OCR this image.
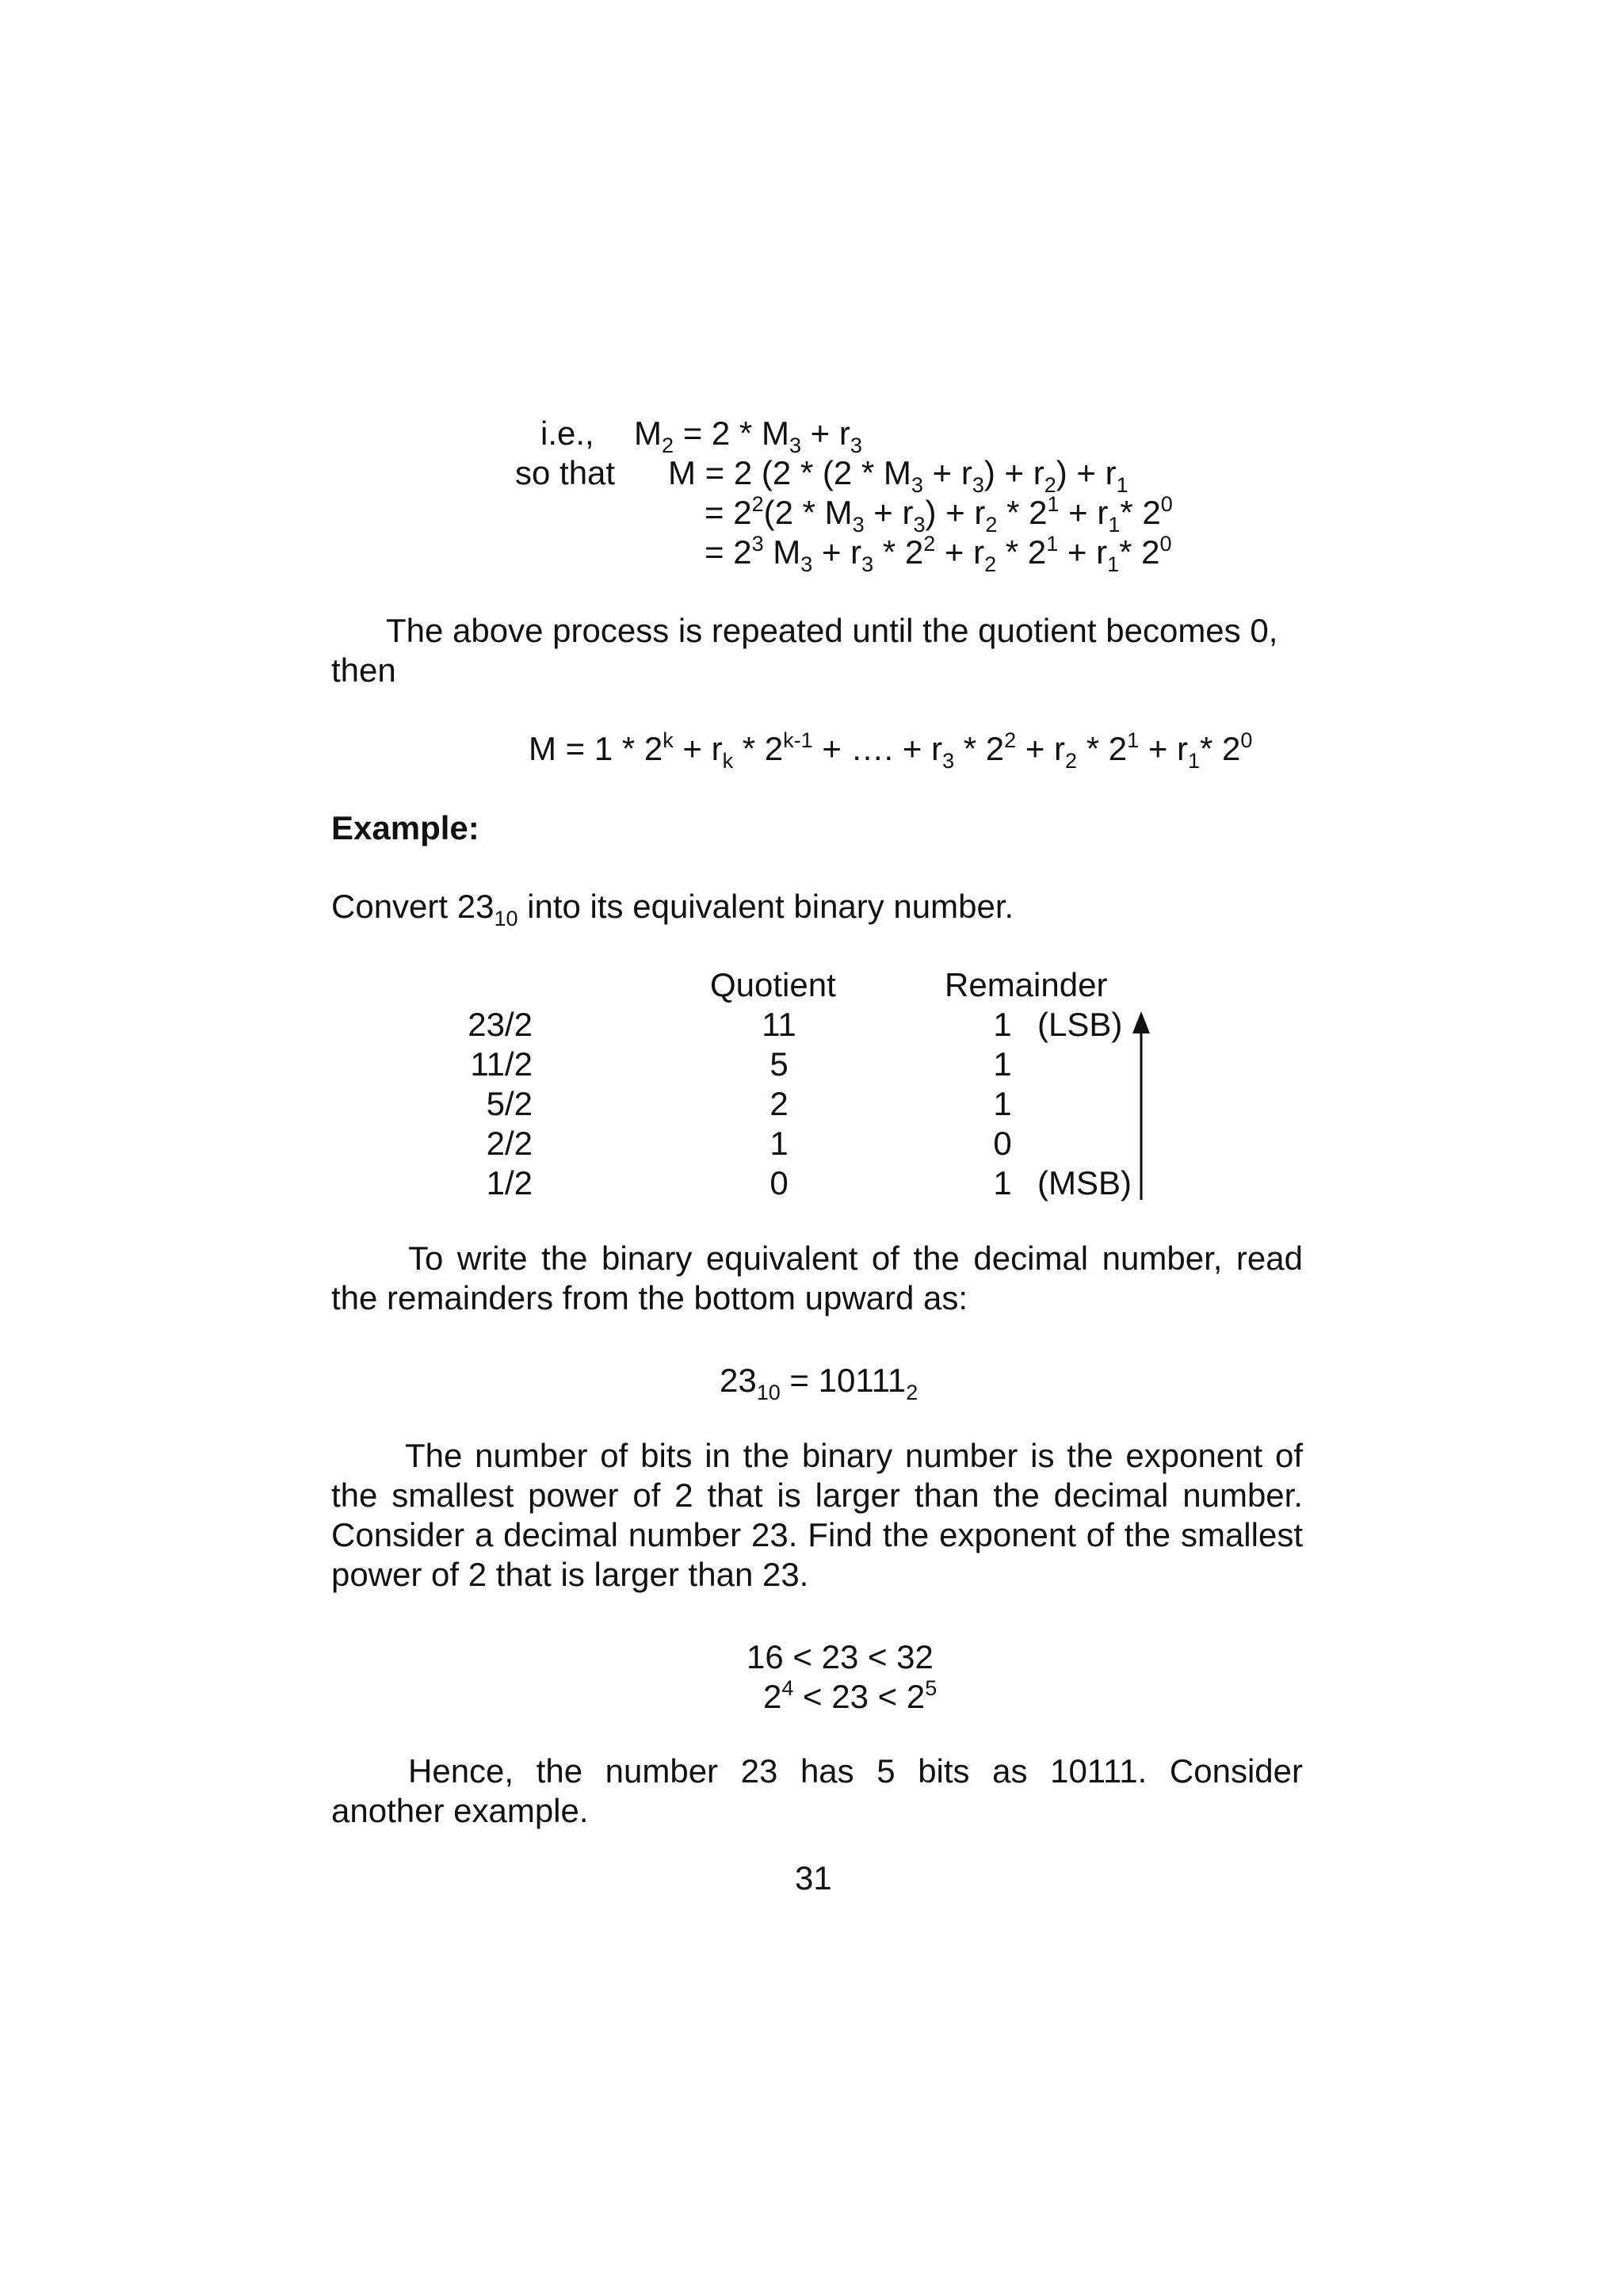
i.e., $M_2 = 2 * M_3 + r_3$
so that M = 2 $(2 * (2 * M_3 + r_3) + r_2) + r_1$
= $2^2(2 * M_3 + r_3) + r_2 * 2^1 + r_1*$ $2^0$
= $2^3$ $M_3 + r_3 * 2^2 + r_2 * 2^1 + r_1*$ $2^0$
The above process is repeated until the quotient becomes 0,
then
$M = 1 * 2^k + r_k * 2^{k-1}$ + …. + $r_3 * 2^2 + r_2 * 2^1 + r_1*$ $2^0$
Example:
Convert $23_{10}$ into its equivalent binary number.
Quotient	Remainder
23/2	11	1 (LSB)
11/2	5	1
5/2	2	1
2/2	1	0
1/2	0	1 (MSB)
To write the binary equivalent of the decimal number, read the remainders from the bottom upward as:
$23_{10} = 10111_2$
The number of bits in the binary number is the exponent of the smallest power of 2 that is larger than the decimal number. Consider a decimal number 23. Find the exponent of the smallest power of 2 that is larger than 23.
16 < 23 < 32
$2^4 < 23 < 2^5$
Hence, the number 23 has 5 bits as 10111. Consider another example.
31
